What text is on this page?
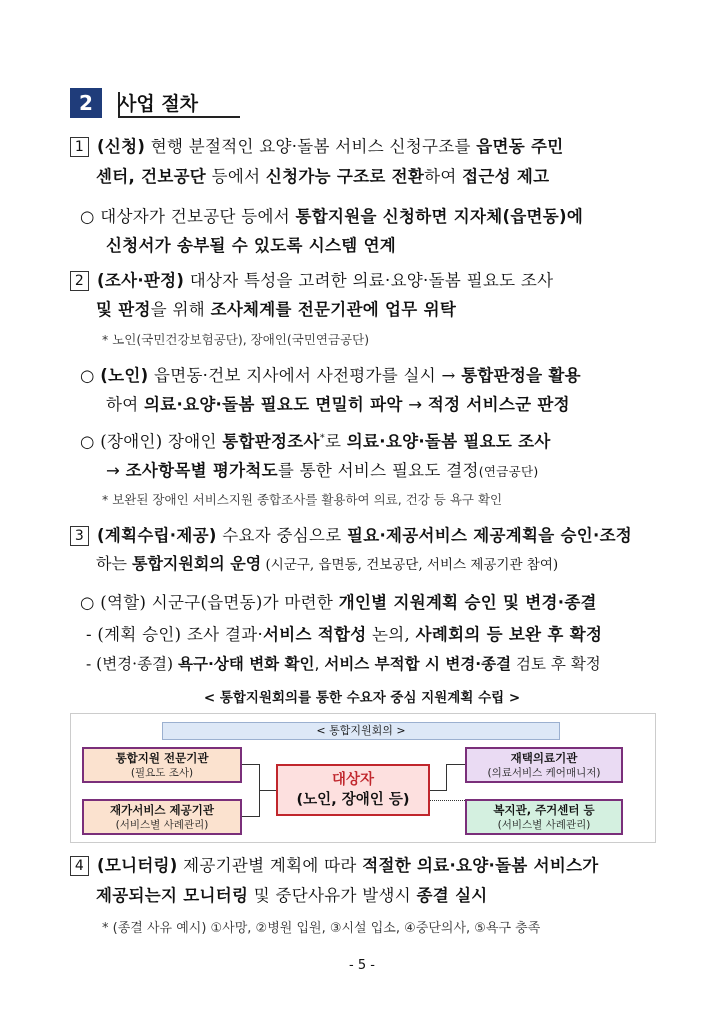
2	사업 절차
1 (신청) 현행 분절적인 요양·돌봄 서비스 신청구조를 읍면동 주민
센터, 건보공단 등에서 신청가능 구조로 전환하여 접근성 제고
○ 대상자가 건보공단 등에서 통합지원을 신청하면 지자체(읍면동)에
신청서가 송부될 수 있도록 시스템 연계
2 (조사·판정) 대상자 특성을 고려한 의료·요양·돌봄 필요도 조사
및 판정을 위해 조사체계를 전문기관에 업무 위탁
* 노인(국민건강보험공단), 장애인(국민연금공단)
○ (노인) 읍면동·건보 지사에서 사전평가를 실시 → 통합판정을 활용
하여 의료·요양·돌봄 필요도 면밀히 파악 → 적정 서비스군 판정
○ (장애인) 장애인 통합판정조사*로 의료·요양·돌봄 필요도 조사
→ 조사항목별 평가척도를 통한 서비스 필요도 결정(연금공단)
* 보완된 장애인 서비스지원 종합조사를 활용하여 의료, 건강 등 욕구 확인
3 (계획수립·제공) 수요자 중심으로 필요·제공서비스 제공계획을 승인·조정
하는 통합지원회의 운영 (시군구, 읍면동, 건보공단, 서비스 제공기관 참여)
○ (역할) 시군구(읍면동)가 마련한 개인별 지원계획 승인 및 변경·종결
- (계획 승인) 조사 결과·서비스 적합성 논의, 사례회의 등 보완 후 확정
- (변경·종결) 욕구·상태 변화 확인, 서비스 부적합 시 변경·종결 검토 후 확정
< 통합지원회의를 통한 수요자 중심 지원계획 수립 >
< 통합지원회의 >
통합지원 전문기관
(필요도 조사)
재가서비스 제공기관
(서비스별 사례관리)
대상자
(노인, 장애인 등)
재택의료기관
(의료서비스 케어매니저)
복지관, 주거센터 등
(서비스별 사례관리)
4 (모니터링) 제공기관별 계획에 따라 적절한 의료·요양·돌봄 서비스가
제공되는지 모니터링 및 중단사유가 발생시 종결 실시
* (종결 사유 예시) ①사망, ②병원 입원, ③시설 입소, ④중단의사, ⑤욕구 충족
- 5 -
